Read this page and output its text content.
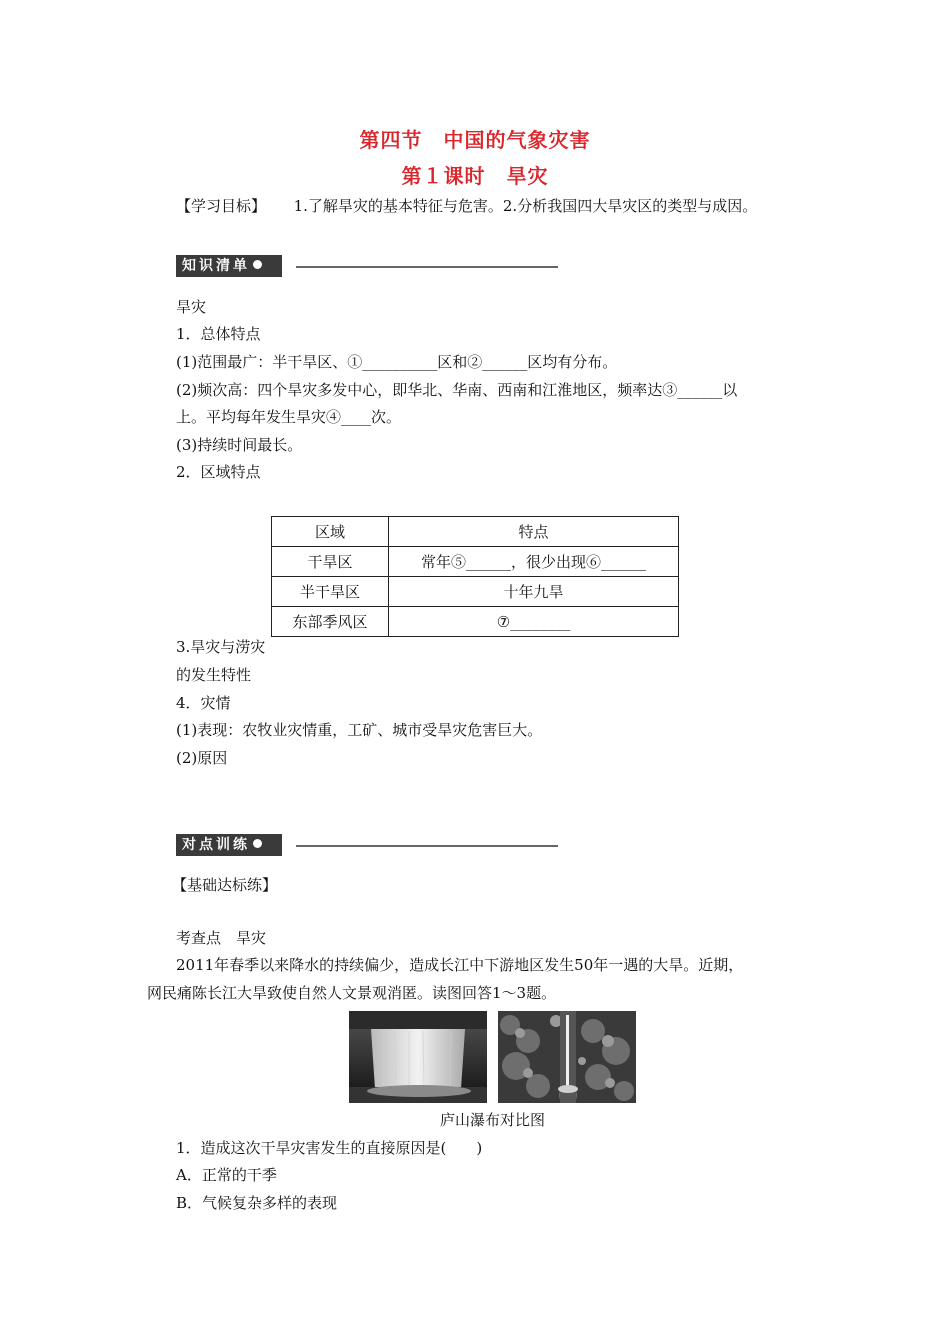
第四节　中国的气象灾害
第１课时　旱灾
【学习目标】 1.了解旱灾的基本特征与危害。2.分析我国四大旱灾区的类型与成因。
知识清单
旱灾
1．总体特点
(1)范围最广：半干旱区、①__________区和②______区均有分布。
(2)频次高：四个旱灾多发中心，即华北、华南、西南和江淮地区，频率达③______以
上。平均每年发生旱灾④____次。
(3)持续时间最长。
2．区域特点
区域	特点
干旱区	常年⑤______，很少出现⑥______
半干旱区	十年九旱
东部季风区	⑦________
3.旱灾与涝灾
的发生特性
4．灾情
(1)表现：农牧业灾情重，工矿、城市受旱灾危害巨大。
(2)原因
对点训练
【基础达标练】
考查点　旱灾
2011年春季以来降水的持续偏少，造成长江中下游地区发生50年一遇的大旱。近期，
网民痛陈长江大旱致使自然人文景观消匿。读图回答1～3题。
庐山瀑布对比图
1．造成这次干旱灾害发生的直接原因是(　　)
A．正常的干季
B．气候复杂多样的表现
